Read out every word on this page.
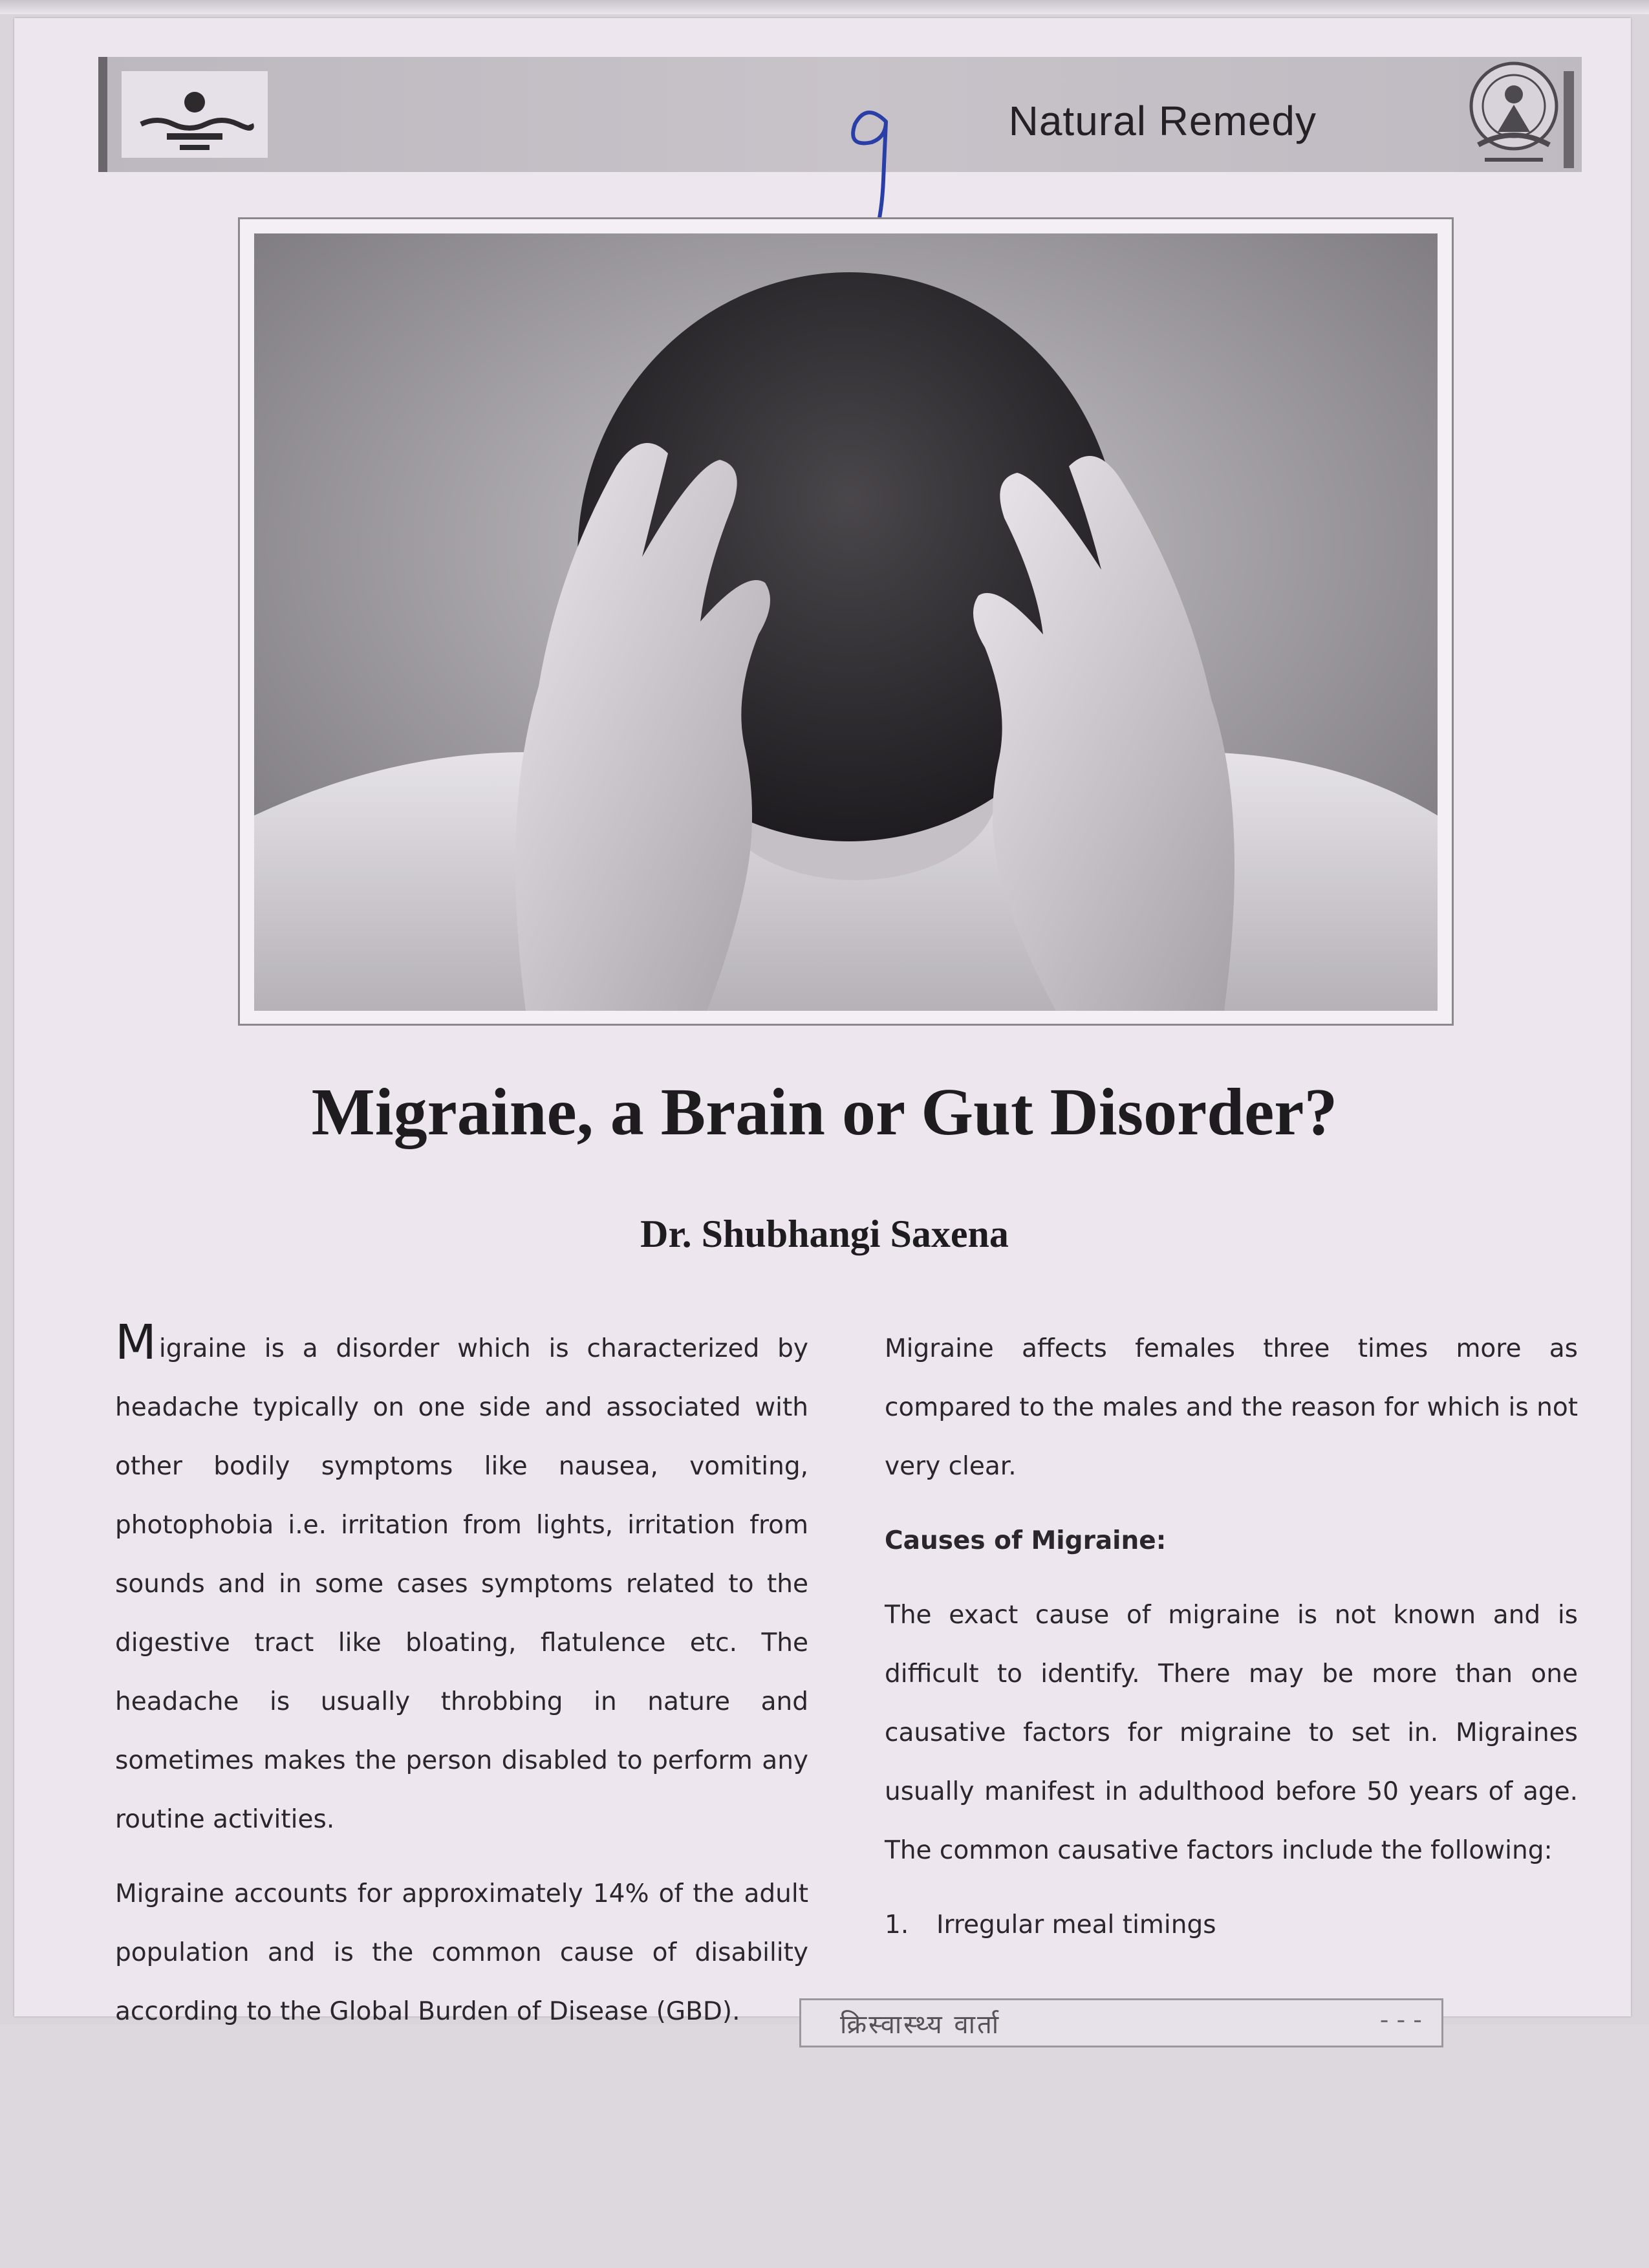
Natural Remedy
Migraine, a Brain or Gut Disorder?
Dr. Shubhangi Saxena

Migraine is a disorder which is characterized by headache typically on one side and associated with other bodily symptoms like nausea, vomiting, photophobia i.e. irritation from lights, irritation from sounds and in some cases symptoms related to the digestive tract like bloating, flatulence etc. The headache is usually throbbing in nature and sometimes makes the person disabled to perform any routine activities.

Migraine accounts for approximately 14% of the adult population and is the common cause of disability according to the Global Burden of Disease (GBD).

Migraine affects females three times more as compared to the males and the reason for which is not very clear.

Causes of Migraine:

The exact cause of migraine is not known and is difficult to identify. There may be more than one causative factors for migraine to set in. Migraines usually manifest in adulthood before 50 years of age. The common causative factors include the following:

1. Irregular meal timings
क्रिस्वास्थ्य वार्ता	- - -
